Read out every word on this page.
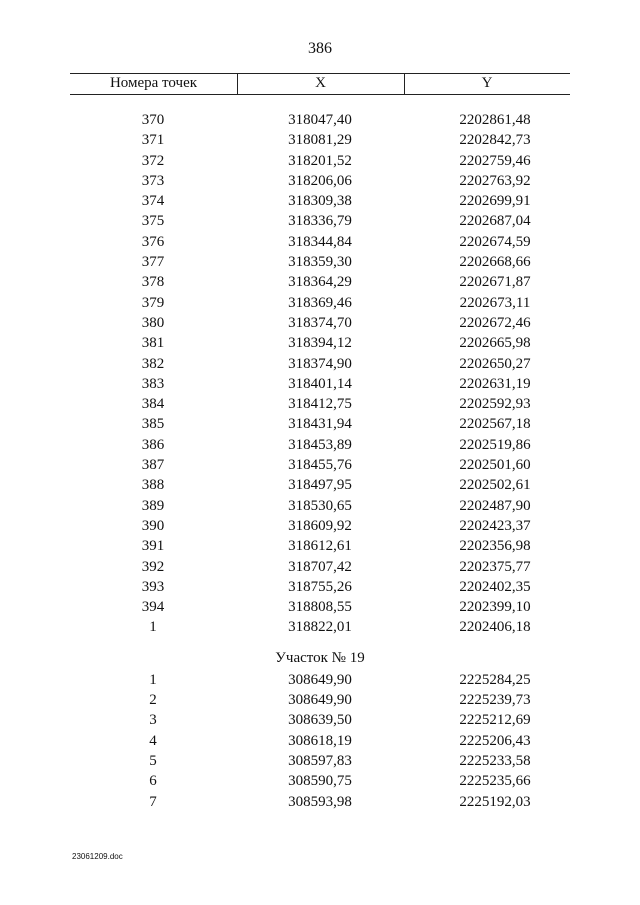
386
Номера точек	X	Y
370	318047,40	2202861,48
371	318081,29	2202842,73
372	318201,52	2202759,46
373	318206,06	2202763,92
374	318309,38	2202699,91
375	318336,79	2202687,04
376	318344,84	2202674,59
377	318359,30	2202668,66
378	318364,29	2202671,87
379	318369,46	2202673,11
380	318374,70	2202672,46
381	318394,12	2202665,98
382	318374,90	2202650,27
383	318401,14	2202631,19
384	318412,75	2202592,93
385	318431,94	2202567,18
386	318453,89	2202519,86
387	318455,76	2202501,60
388	318497,95	2202502,61
389	318530,65	2202487,90
390	318609,92	2202423,37
391	318612,61	2202356,98
392	318707,42	2202375,77
393	318755,26	2202402,35
394	318808,55	2202399,10
1	318822,01	2202406,18
Участок № 19
1	308649,90	2225284,25
2	308649,90	2225239,73
3	308639,50	2225212,69
4	308618,19	2225206,43
5	308597,83	2225233,58
6	308590,75	2225235,66
7	308593,98	2225192,03
23061209.doc
